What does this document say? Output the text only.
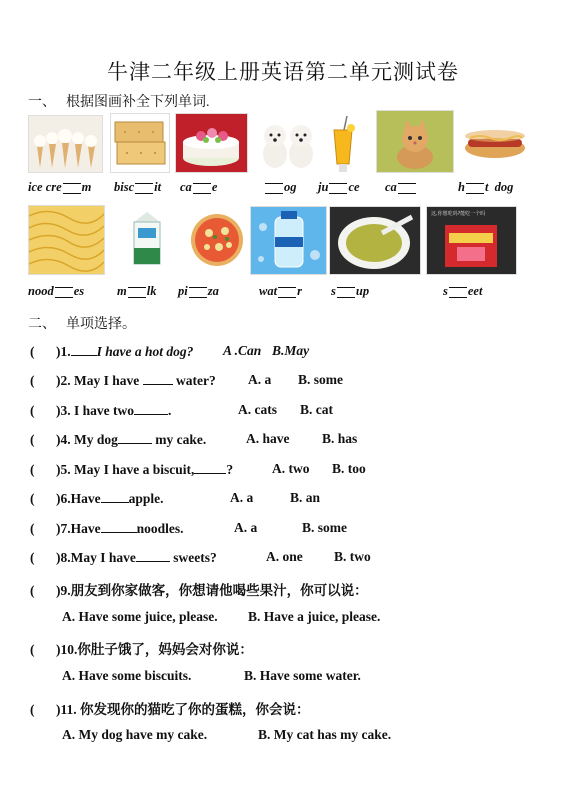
牛津二年级上册英语第二单元测试卷
一、 根据图画补全下列单词.
ice cre m bisc it ca e	og ju ce ca	h t  dog
这,你想吃吗?能吃一个吗
nood es	m lk pi za	wat r s up	s eet
二、 单项选择。
( )1. I have a hot dog? A .Can B.May
( )2. May I have	water? A. a B. some
( )3. I have two	.	A. cats B. cat
( )4. My dog	my cake.	A. have B. has
( )5. May I have a biscuit, ?	A. two B. too
( )6.Have apple.	A. a	B. an
( )7.Have	noodles.	A. a	B. some
( )8.May I have	sweets?	A. one B. two
( )9.朋友到你家做客，你想请他喝些果汁，你可以说：
A. Have some juice, please. B. Have a juice, please.
( )10.你肚子饿了，妈妈会对你说：
A. Have some biscuits.	B. Have some water.
( )11. 你发现你的猫吃了你的蛋糕，你会说：
A. My dog have my cake.	B. My cat has my cake.
